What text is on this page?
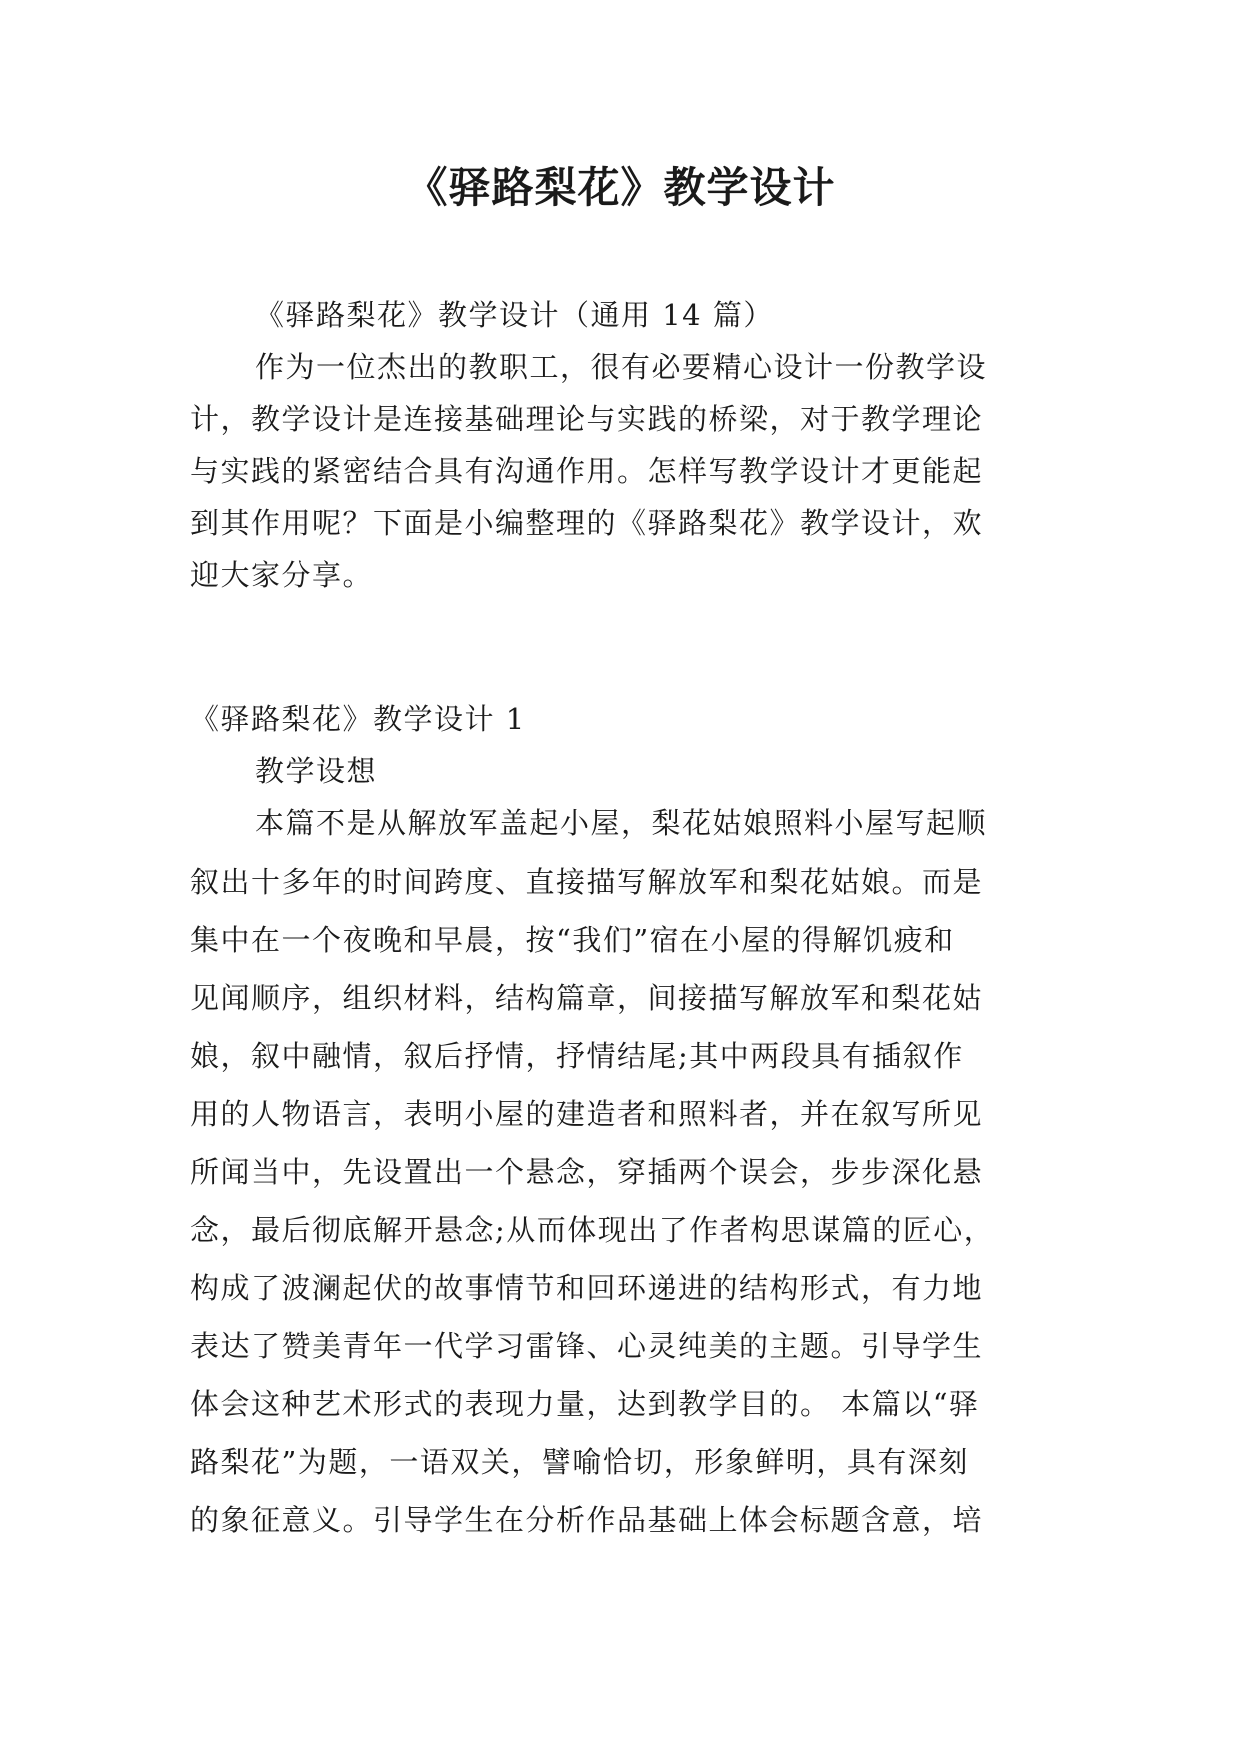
《驿路梨花》教学设计
《驿路梨花》教学设计（通用 14 篇）
作为一位杰出的教职工，很有必要精心设计一份教学设
计，教学设计是连接基础理论与实践的桥梁，对于教学理论
与实践的紧密结合具有沟通作用。怎样写教学设计才更能起
到其作用呢？下面是小编整理的《驿路梨花》教学设计，欢
迎大家分享。
《驿路梨花》教学设计 1
教学设想
本篇不是从解放军盖起小屋，梨花姑娘照料小屋写起顺
叙出十多年的时间跨度、直接描写解放军和梨花姑娘。而是
集中在一个夜晚和早晨，按“我们”宿在小屋的得解饥疲和
见闻顺序，组织材料，结构篇章，间接描写解放军和梨花姑
娘，叙中融情，叙后抒情，抒情结尾;其中两段具有插叙作
用的人物语言，表明小屋的建造者和照料者，并在叙写所见
所闻当中，先设置出一个悬念，穿插两个误会，步步深化悬
念，最后彻底解开悬念;从而体现出了作者构思谋篇的匠心，
构成了波澜起伏的故事情节和回环递进的结构形式，有力地
表达了赞美青年一代学习雷锋、心灵纯美的主题。引导学生
体会这种艺术形式的表现力量，达到教学目的。 本篇以“驿
路梨花”为题，一语双关，譬喻恰切，形象鲜明，具有深刻
的象征意义。引导学生在分析作品基础上体会标题含意，培
